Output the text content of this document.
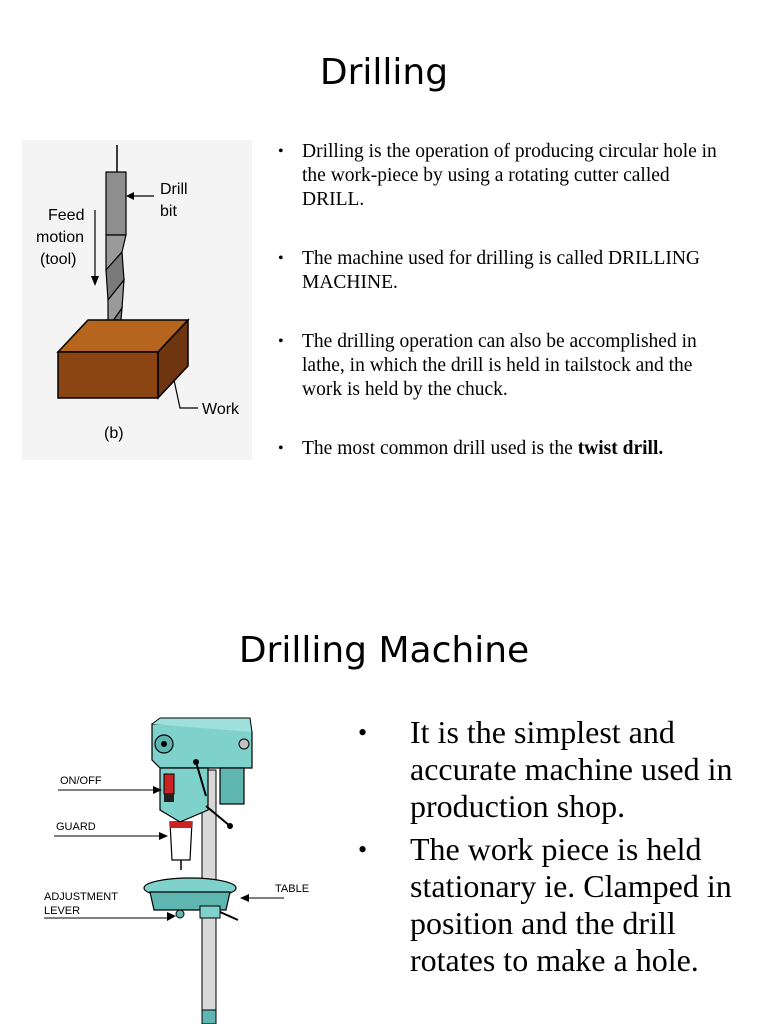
Drilling
Drill
bit
Feed
motion
(tool)
Work
(b)
• Drilling is the operation of producing circular hole in the work-piece by using a rotating cutter called DRILL.
• The machine used for drilling is called DRILLING MACHINE.
• The drilling operation can also be accomplished in lathe, in which the drill is held in tailstock and the work is held by the chuck.
• The most common drill used is the twist drill.
Drilling Machine
• It is the simplest and accurate machine used in production shop.
• The work piece is held stationary ie. Clamped in position and the drill rotates to make a hole.
ON/OFF
GUARD
ADJUSTMENT
LEVER
TABLE
